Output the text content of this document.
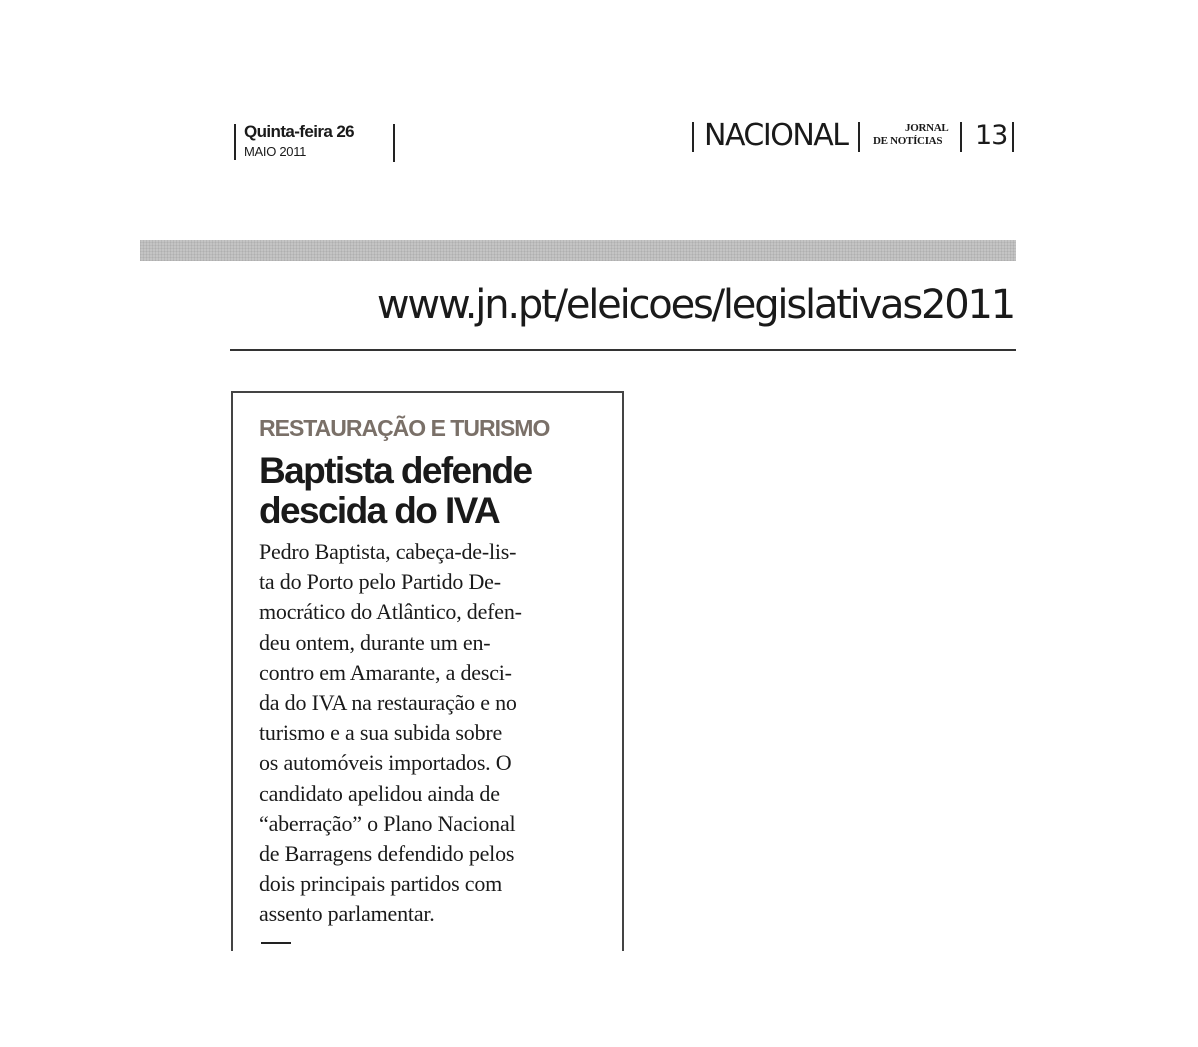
Quinta-feira 26
MAIO 2011	NACIONAL	JORNAL
DE NOTÍCIAS 13
www.jn.pt/eleicoes/legislativas2011
RESTAURAÇÃO E TURISMO
Baptista defende
descida do IVA
Pedro Baptista, cabeça-de-lis-
ta do Porto pelo Partido De-
mocrático do Atlântico, defen-
deu ontem, durante um en-
contro em Amarante, a desci-
da do IVA na restauração e no
turismo e a sua subida sobre
os automóveis importados. O
candidato apelidou ainda de
“aberração” o Plano Nacional
de Barragens defendido pelos
dois principais partidos com
assento parlamentar.
